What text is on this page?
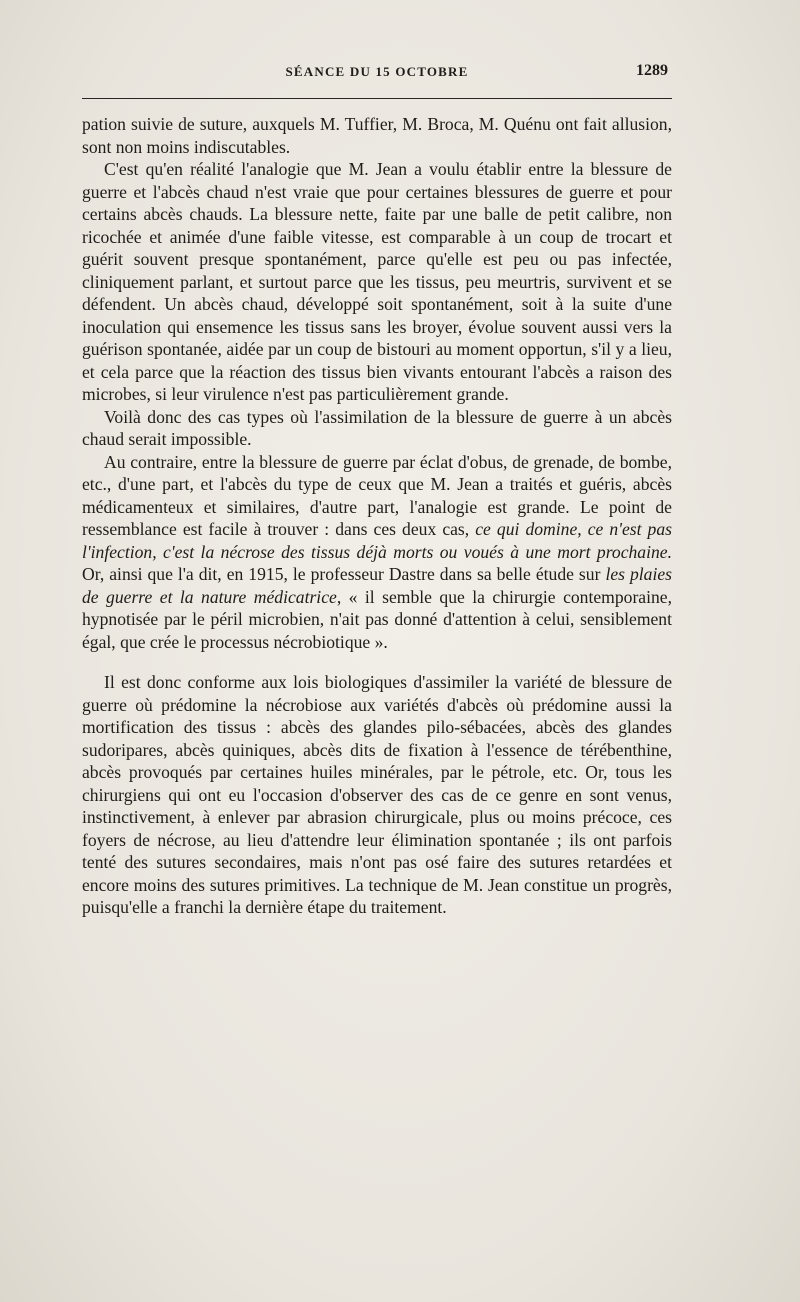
SÉANCE DU 15 OCTOBRE	1289

pation suivie de suture, auxquels M. Tuffier, M. Broca, M. Quénu ont fait allusion, sont non moins indiscutables.

C'est qu'en réalité l'analogie que M. Jean a voulu établir entre la blessure de guerre et l'abcès chaud n'est vraie que pour certaines blessures de guerre et pour certains abcès chauds. La blessure nette, faite par une balle de petit calibre, non ricochée et animée d'une faible vitesse, est comparable à un coup de trocart et guérit souvent presque spontanément, parce qu'elle est peu ou pas infectée, cliniquement parlant, et surtout parce que les tissus, peu meurtris, survivent et se défendent. Un abcès chaud, développé soit spontanément, soit à la suite d'une inoculation qui ensemence les tissus sans les broyer, évolue souvent aussi vers la guérison spontanée, aidée par un coup de bistouri au moment opportun, s'il y a lieu, et cela parce que la réaction des tissus bien vivants entourant l'abcès a raison des microbes, si leur virulence n'est pas particulièrement grande.

Voilà donc des cas types où l'assimilation de la blessure de guerre à un abcès chaud serait impossible.

Au contraire, entre la blessure de guerre par éclat d'obus, de grenade, de bombe, etc., d'une part, et l'abcès du type de ceux que M. Jean a traités et guéris, abcès médicamenteux et similaires, d'autre part, l'analogie est grande. Le point de ressemblance est facile à trouver : dans ces deux cas, ce qui domine, ce n'est pas l'infection, c'est la nécrose des tissus déjà morts ou voués à une mort prochaine. Or, ainsi que l'a dit, en 1915, le professeur Dastre dans sa belle étude sur les plaies de guerre et la nature médicatrice, « il semble que la chirurgie contemporaine, hypnotisée par le péril microbien, n'ait pas donné d'attention à celui, sensiblement égal, que crée le processus nécrobiotique ».

Il est donc conforme aux lois biologiques d'assimiler la variété de blessure de guerre où prédomine la nécrobiose aux variétés d'abcès où prédomine aussi la mortification des tissus : abcès des glandes pilo-sébacées, abcès des glandes sudoripares, abcès quiniques, abcès dits de fixation à l'essence de térébenthine, abcès provoqués par certaines huiles minérales, par le pétrole, etc. Or, tous les chirurgiens qui ont eu l'occasion d'observer des cas de ce genre en sont venus, instinctivement, à enlever par abrasion chirurgicale, plus ou moins précoce, ces foyers de nécrose, au lieu d'attendre leur élimination spontanée ; ils ont parfois tenté des sutures secondaires, mais n'ont pas osé faire des sutures retardées et encore moins des sutures primitives. La technique de M. Jean constitue un progrès, puisqu'elle a franchi la dernière étape du traitement.
